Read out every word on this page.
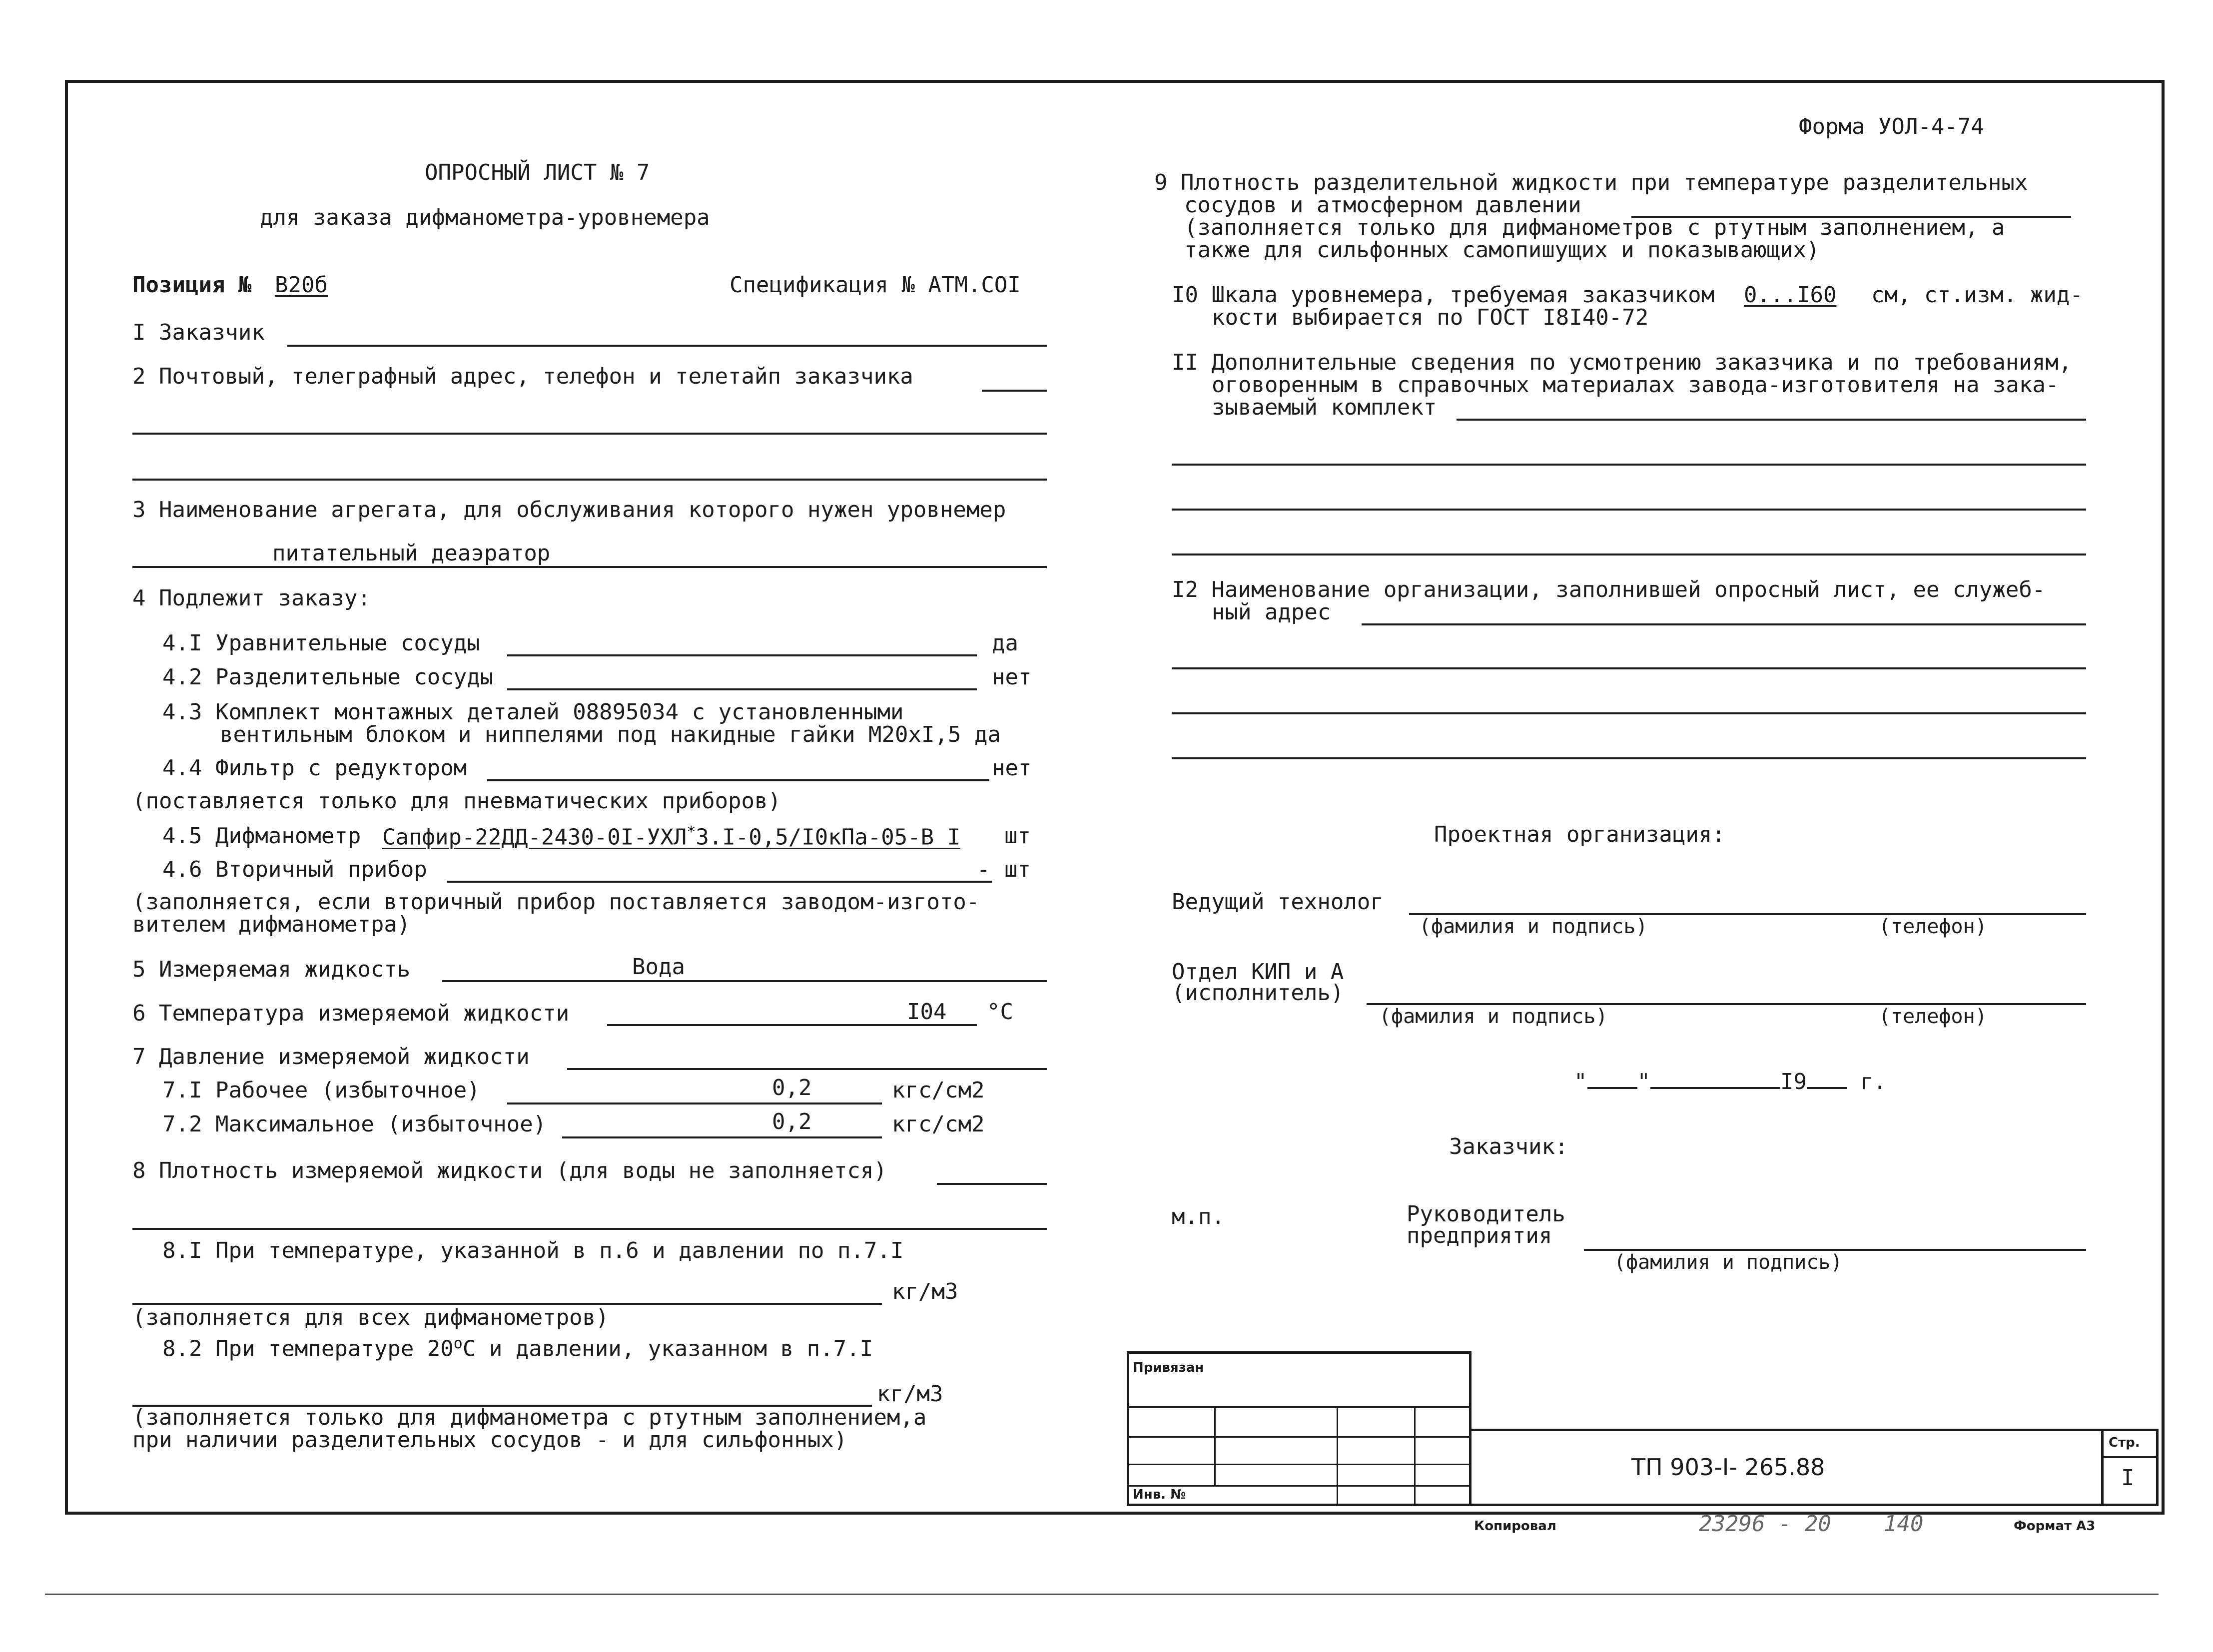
Форма УОЛ-4-74
ОПРОСНЫЙ ЛИСТ № 7
для заказа дифманометра-уровнемера
Позиция № В20б	Спецификация № АТМ.СОI
I Заказчик
2 Почтовый, телеграфный адрес, телефон и телетайп заказчика
3 Наименование агрегата, для обслуживания которого нужен уровнемер
питательный деаэратор
4 Подлежит заказу:
4.I Уравнительные сосуды	да
4.2 Разделительные сосуды	нет
4.3 Комплект монтажных деталей 08895034 с установленными
вентильным блоком и ниппелями под накидные гайки M20xI,5 да
4.4 Фильтр с редуктором	нет
(поставляется только для пневматических приборов)
4.5 Дифманометр Сапфир-22ДД-2430-0I-УХЛ*3.I-0,5/I0кПа-05-В I шт
4.6 Вторичный прибор	- шт
(заполняется, если вторичный прибор поставляется заводом-изгото-
вителем дифманометра)
5 Измеряемая жидкость	Вода
6 Температура измеряемой жидкости	I04 °С
7 Давление измеряемой жидкости
7.I Рабочее (избыточное)	0,2	кгс/см2
7.2 Максимальное (избыточное)	0,2	кгс/см2
8 Плотность измеряемой жидкости (для воды не заполняется)
8.I При температуре, указанной в п.6 и давлении по п.7.I
кг/м3
(заполняется для всех дифманометров)
8.2 При температуре $20^оС$ и давлении, указанном в п.7.I
кг/м3
(заполняется только для дифманометра с ртутным заполнением,а
при наличии разделительных сосудов - и для сильфонных)
9 Плотность разделительной жидкости при температуре разделительных
сосудов и атмосферном давлении
(заполняется только для дифманометров с ртутным заполнением, а
также для сильфонных самопишущих и показывающих)
I0 Шкала уровнемера, требуемая заказчиком 0...I60 см, ст.изм. жид-
кости выбирается по ГОСТ I8I40-72
II Дополнительные сведения по усмотрению заказчика и по требованиям,
оговоренным в справочных материалах завода-изготовителя на зака-
зываемый комплект
I2 Наименование организации, заполнившей опросный лист, ее служеб-
ный адрес
Проектная организация:
Ведущий технолог
(фамилия и подпись)	(телефон)
Отдел КИП и А
(исполнитель)
(фамилия и подпись)	(телефон)
" "	I9 г.
Заказчик:
м.п.	Руководитель
предприятия
(фамилия и подпись)
Привязан
Инв. №
ТП 903-I- 265.88
Стр.
I
Копировал	23296 - 20 140	Формат А3
